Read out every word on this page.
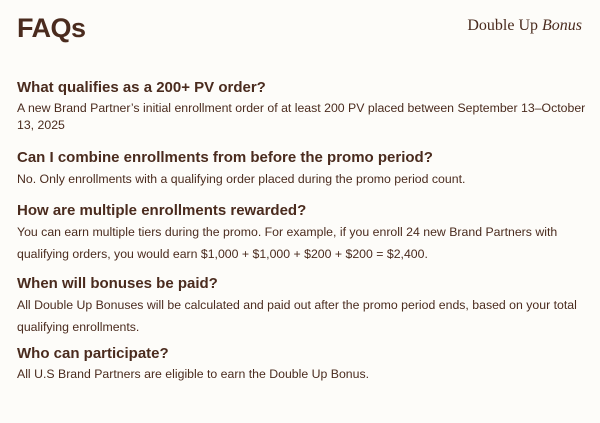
FAQs	Double Up Bonus
What qualifies as a 200+ PV order?

A new Brand Partner’s initial enrollment order of at least 200 PV placed between September 13–October 13, 2025

Can I combine enrollments from before the promo period?

No. Only enrollments with a qualifying order placed during the promo period count.

How are multiple enrollments rewarded?

You can earn multiple tiers during the promo. For example, if you enroll 24 new Brand Partners with qualifying orders, you would earn $1,000 + $1,000 + $200 + $200 = $2,400.

When will bonuses be paid?

All Double Up Bonuses will be calculated and paid out after the promo period ends, based on your total qualifying enrollments.

Who can participate?

All U.S Brand Partners are eligible to earn the Double Up Bonus.
